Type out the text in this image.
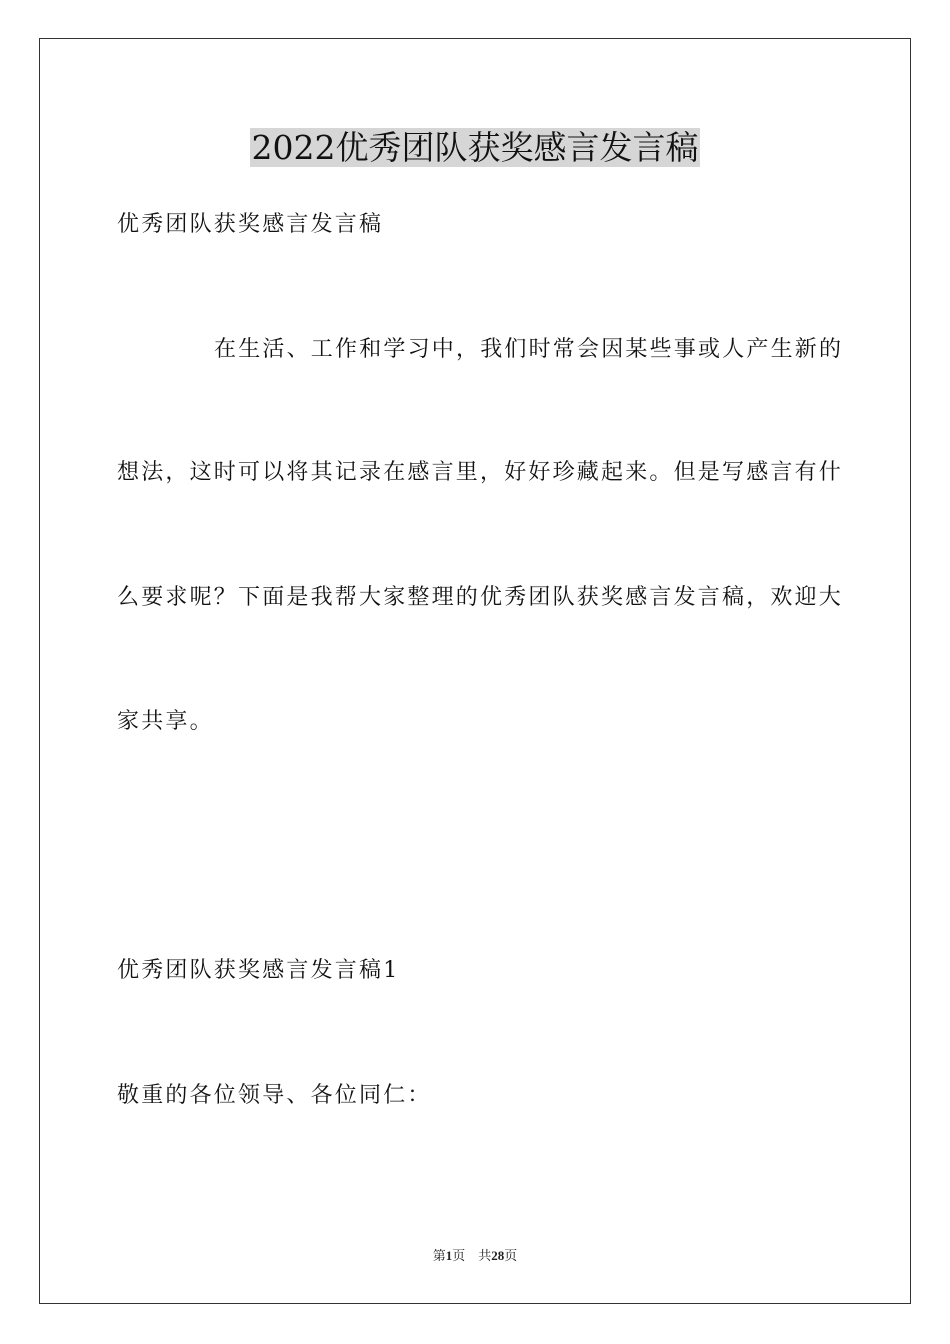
2022优秀团队获奖感言发言稿
优秀团队获奖感言发言稿
在生活、工作和学习中，我们时常会因某些事或人产生新的
想法，这时可以将其记录在感言里，好好珍藏起来。但是写感言有什
么要求呢？下面是我帮大家整理的优秀团队获奖感言发言稿，欢迎大
家共享。
优秀团队获奖感言发言稿1
敬重的各位领导、各位同仁：
第1页　共28页
